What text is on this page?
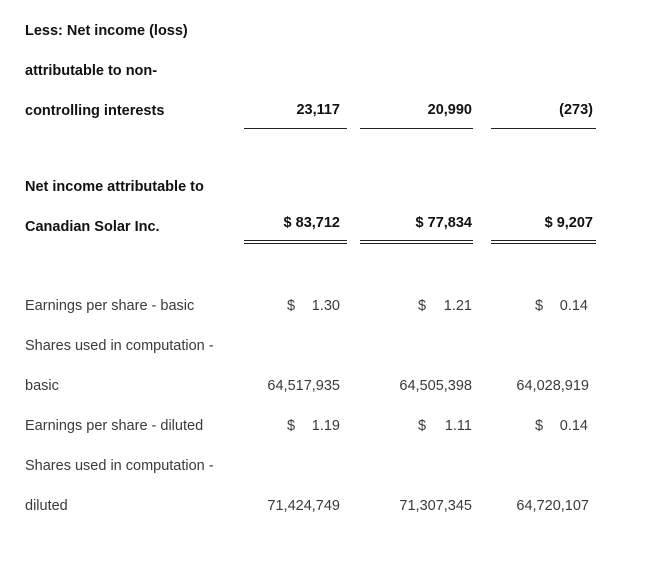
Less: Net income (loss)
attributable to non-
controlling interests	23,117	20,990	(273)
Net income attributable to
Canadian Solar Inc.	$ 83,712	$ 77,834	$ 9,207
Earnings per share - basic	$ 1.30	$ 1.21	$ 0.14
Shares used in computation -
basic	64,517,935	64,505,398	64,028,919
Earnings per share - diluted	$ 1.19	$ 1.11	$ 0.14
Shares used in computation -
diluted	71,424,749	71,307,345	64,720,107
